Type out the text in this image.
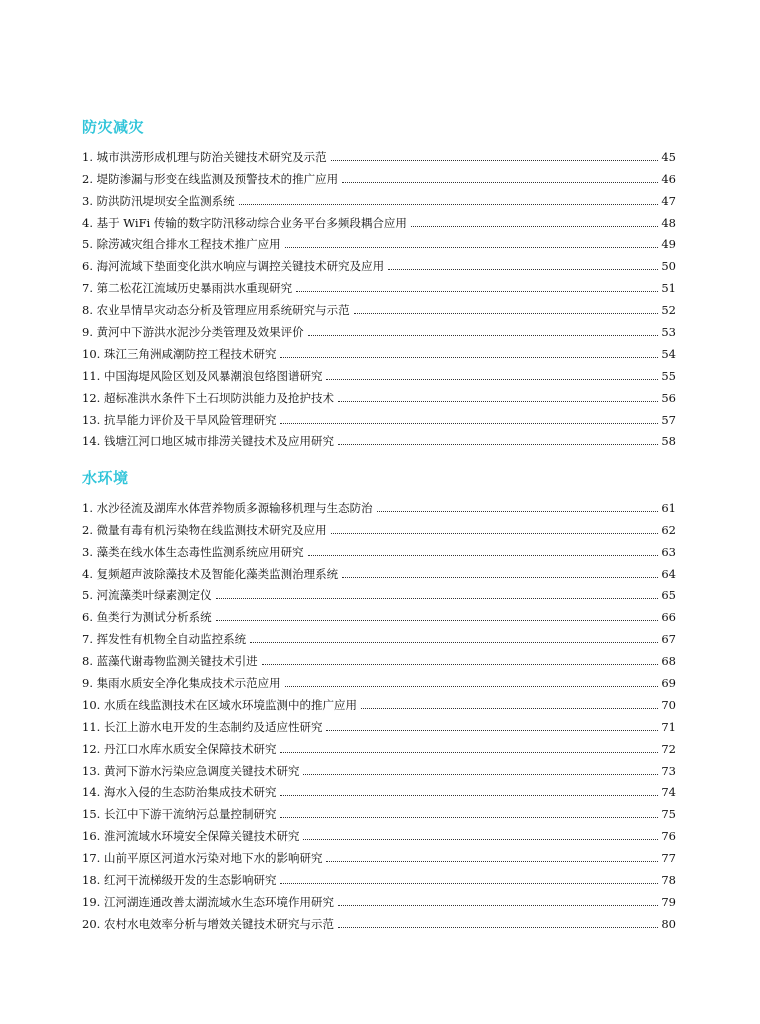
防灾减灾
1. 城市洪涝形成机理与防治关键技术研究及示范	45
2. 堤防渗漏与形变在线监测及预警技术的推广应用	46
3. 防洪防汛堤坝安全监测系统	47
4. 基于 WiFi 传输的数字防汛移动综合业务平台多频段耦合应用	48
5. 除涝减灾组合排水工程技术推广应用	49
6. 海河流域下垫面变化洪水响应与调控关键技术研究及应用	50
7. 第二松花江流域历史暴雨洪水重现研究	51
8. 农业旱情旱灾动态分析及管理应用系统研究与示范	52
9. 黄河中下游洪水泥沙分类管理及效果评价	53
10. 珠江三角洲咸潮防控工程技术研究	54
11. 中国海堤风险区划及风暴潮浪包络图谱研究	55
12. 超标准洪水条件下土石坝防洪能力及抢护技术	56
13. 抗旱能力评价及干旱风险管理研究	57
14. 钱塘江河口地区城市排涝关键技术及应用研究	58
水环境
1. 水沙径流及湖库水体营养物质多源输移机理与生态防治	61
2. 微量有毒有机污染物在线监测技术研究及应用	62
3. 藻类在线水体生态毒性监测系统应用研究	63
4. 复频超声波除藻技术及智能化藻类监测治理系统	64
5. 河流藻类叶绿素测定仪	65
6. 鱼类行为测试分析系统	66
7. 挥发性有机物全自动监控系统	67
8. 蓝藻代谢毒物监测关键技术引进	68
9. 集雨水质安全净化集成技术示范应用	69
10. 水质在线监测技术在区域水环境监测中的推广应用	70
11. 长江上游水电开发的生态制约及适应性研究	71
12. 丹江口水库水质安全保障技术研究	72
13. 黄河下游水污染应急调度关键技术研究	73
14. 海水入侵的生态防治集成技术研究	74
15. 长江中下游干流纳污总量控制研究	75
16. 淮河流域水环境安全保障关键技术研究	76
17. 山前平原区河道水污染对地下水的影响研究	77
18. 红河干流梯级开发的生态影响研究	78
19. 江河湖连通改善太湖流域水生态环境作用研究	79
20. 农村水电效率分析与增效关键技术研究与示范	80
